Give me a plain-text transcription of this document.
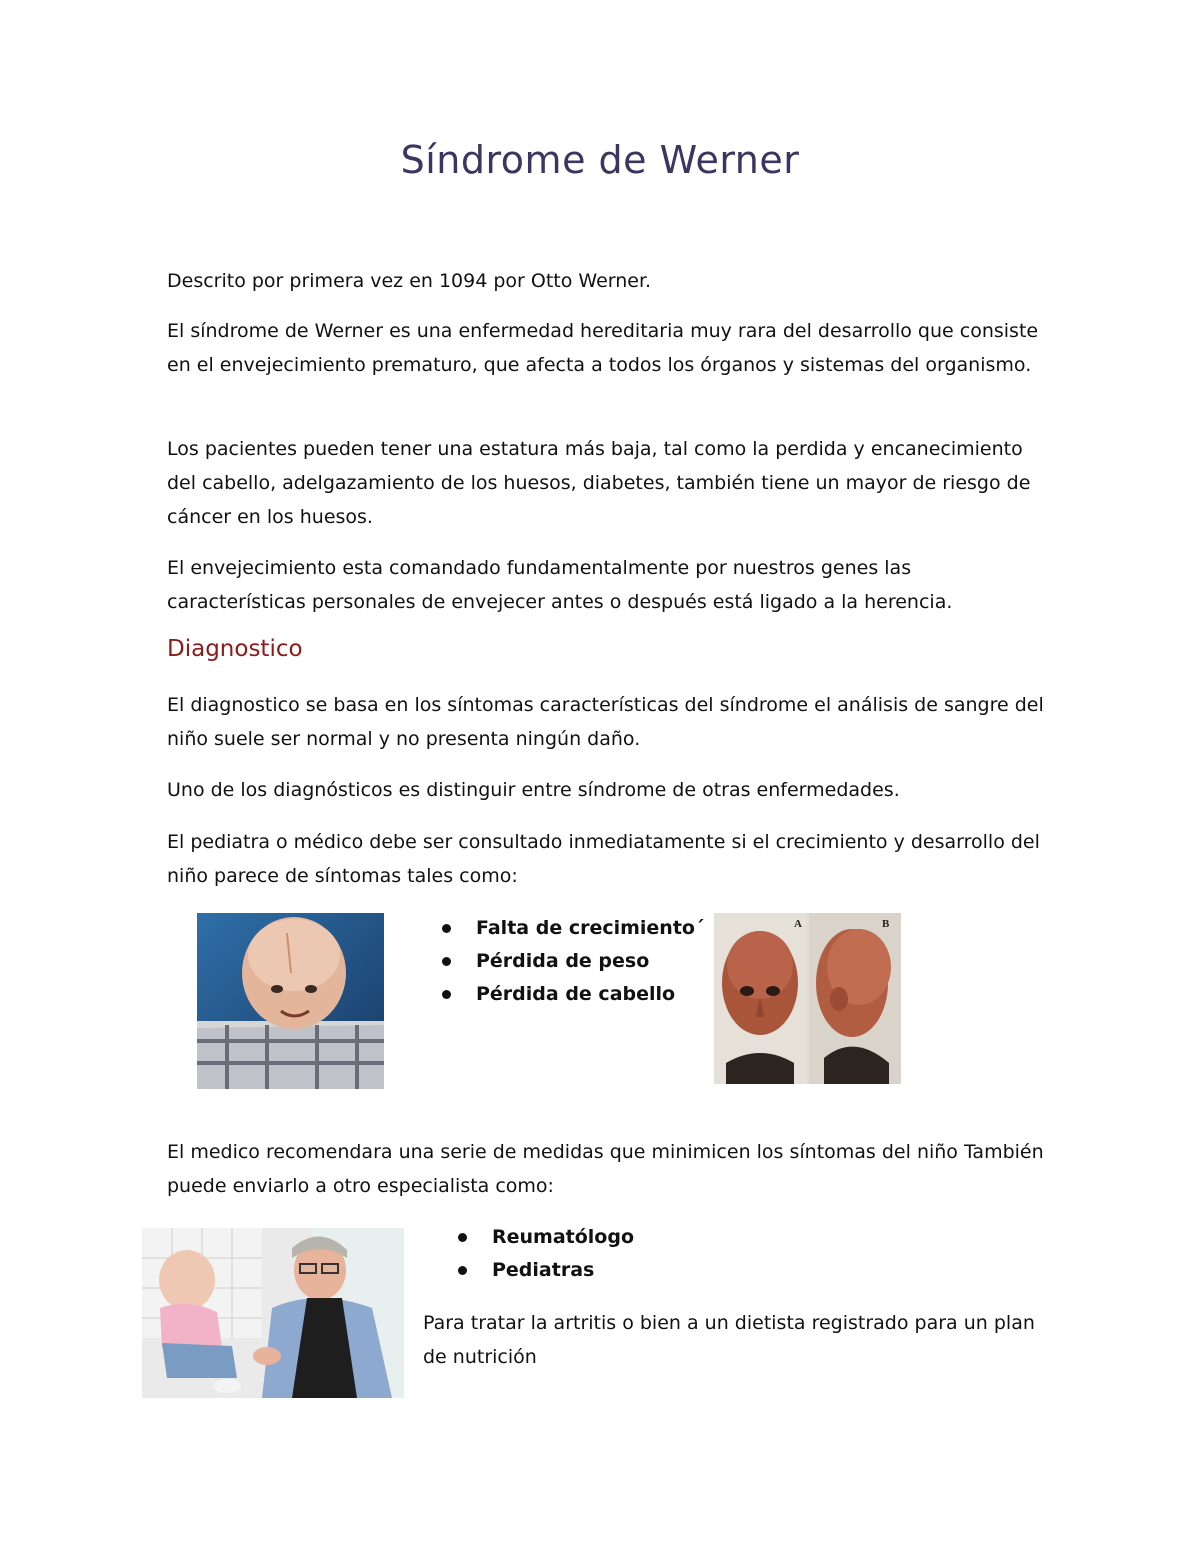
Síndrome de Werner

Descrito por primera vez en 1094 por Otto Werner.

El síndrome de Werner es una enfermedad hereditaria muy rara del desarrollo que consiste en el envejecimiento prematuro, que afecta a todos los órganos y sistemas del organismo.

Los pacientes pueden tener una estatura más baja, tal como la perdida y encanecimiento del cabello, adelgazamiento de los huesos, diabetes, también tiene un mayor de riesgo de cáncer en los huesos.

El envejecimiento esta comandado fundamentalmente por nuestros genes las características personales de envejecer antes o después está ligado a la herencia.

Diagnostico

El diagnostico se basa en los síntomas características del síndrome el análisis de sangre del niño suele ser normal y no presenta ningún daño.

Uno de los diagnósticos es distinguir entre síndrome de otras enfermedades.

El pediatra o médico debe ser consultado inmediatamente si el crecimiento y desarrollo del niño parece de síntomas tales como:

Falta de crecimiento´
Pérdida de peso
Pérdida de cabello
A	B

El medico recomendara una serie de medidas que minimicen los síntomas del niño También puede enviarlo a otro especialista como:

Reumatólogo
Pediatras

Para tratar la artritis o bien a un dietista registrado para un plan de nutrición
